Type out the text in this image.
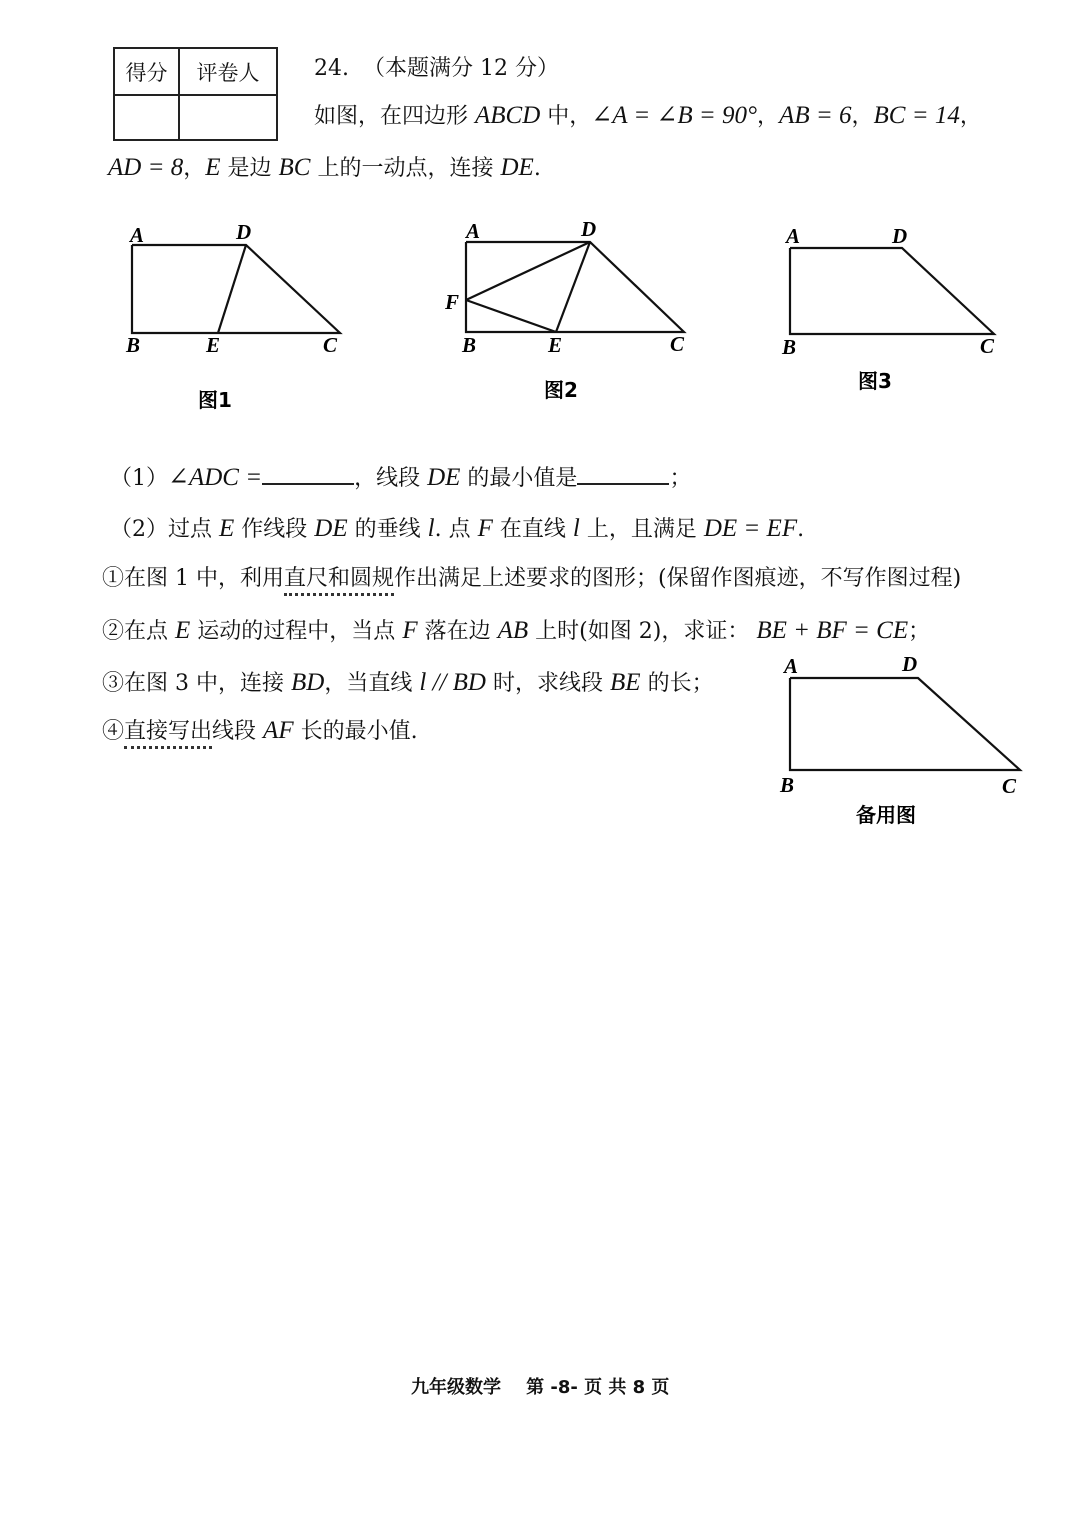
得分	评卷人
	24. （本题满分 12 分）
如图，在四边形 ABCD 中，∠A = ∠B = 90°，AB = 6，BC = 14，
AD = 8，E 是边 BC 上的一动点，连接 DE.
A	D
B	E	C
图1
A	D
F
B	E	C
图2
A	D
B	C
图3
（1）∠ADC =	，线段 DE 的最小值是	；
（2）过点 E 作线段 DE 的垂线 l. 点 F 在直线 l 上，且满足 DE = EF.
①在图 1 中，利用直尺和圆规作出满足上述要求的图形；(保留作图痕迹，不写作图过程)
②在点 E 运动的过程中，当点 F 落在边 AB 上时(如图 2)，求证： BE + BF = CE；
③在图 3 中，连接 BD，当直线 l // BD 时，求线段 BE 的长；
④直接写出线段 AF 长的最小值.
A	D
B	C
备用图
九年级数学 第 -8- 页 共 8 页
